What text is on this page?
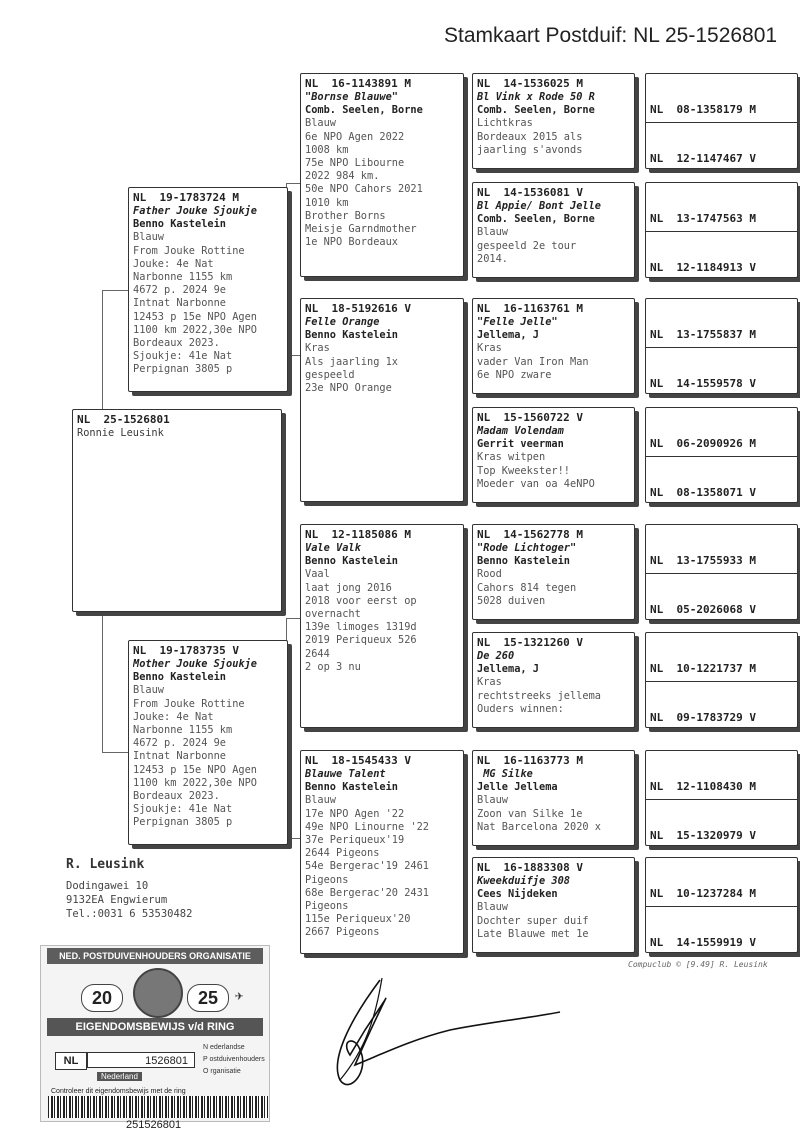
Stamkaart Postduif: NL 25-1526801
NL  25-1526801
Ronnie Leusink
NL  19-1783724 M
Father Jouke Sjoukje
Benno Kastelein
Blauw
From Jouke Rottine
Jouke: 4e Nat
Narbonne 1155 km
4672 p. 2024 9e
Intnat Narbonne
12453 p 15e NPO Agen
1100 km 2022,30e NPO
Bordeaux 2023.
Sjoukje: 41e Nat
Perpignan 3805 p
NL  19-1783735 V
Mother Jouke Sjoukje
Benno Kastelein
Blauw
From Jouke Rottine
Jouke: 4e Nat
Narbonne 1155 km
4672 p. 2024 9e
Intnat Narbonne
12453 p 15e NPO Agen
1100 km 2022,30e NPO
Bordeaux 2023.
Sjoukje: 41e Nat
Perpignan 3805 p
NL  16-1143891 M
"Bornse Blauwe"
Comb. Seelen, Borne
Blauw
6e NPO Agen 2022
1008 km
75e NPO Libourne
2022 984 km.
50e NPO Cahors 2021
1010 km
Brother Borns
Meisje Garndmother
1e NPO Bordeaux
NL  18-5192616 V
Felle Orange
Benno Kastelein
Kras
Als jaarling 1x
gespeeld
23e NPO Orange
NL  12-1185086 M
Vale Valk
Benno Kastelein
Vaal
laat jong 2016
2018 voor eerst op
overnacht
139e limoges 1319d
2019 Periqueux 526
2644
2 op 3 nu
NL  18-1545433 V
Blauwe Talent
Benno Kastelein
Blauw
17e NPO Agen '22
49e NPO Linourne '22
37e Periqueux'19
2644 Pigeons
54e Bergerac'19 2461
Pigeons
68e Bergerac'20 2431
Pigeons
115e Periqueux'20
2667 Pigeons
NL  14-1536025 M
Bl Vink x Rode 50 R
Comb. Seelen, Borne
Lichtkras
Bordeaux 2015 als
jaarling s'avonds
NL  14-1536081 V
Bl Appie/ Bont Jelle
Comb. Seelen, Borne
Blauw
gespeeld 2e tour
2014.
NL  16-1163761 M
"Felle Jelle"
Jellema, J
Kras
vader Van Iron Man
6e NPO zware
NL  15-1560722 V
Madam Volendam
Gerrit veerman
Kras witpen
Top Kweekster!!
Moeder van oa 4eNPO
NL  14-1562778 M
"Rode Lichtoger"
Benno Kastelein
Rood
Cahors 814 tegen
5028 duiven
NL  15-1321260 V
De 260
Jellema, J
Kras
rechtstreeks jellema
Ouders winnen:
NL  16-1163773 M
MG Silke
Jelle Jellema
Blauw
Zoon van Silke 1e
Nat Barcelona 2020 x
NL  16-1883308 V
Kweekduifje 308
Cees Nijdeken
Blauw
Dochter super duif
Late Blauwe met 1e

NL  08-1358179 M

NL  12-1147467 V

NL  13-1747563 M

NL  12-1184913 V

NL  13-1755837 M

NL  14-1559578 V

NL  06-2090926 M

NL  08-1358071 V

NL  13-1755933 M

NL  05-2026068 V

NL  10-1221737 M

NL  09-1783729 V

NL  12-1108430 M

NL  15-1320979 V

NL  10-1237284 M

NL  14-1559919 V

Compuclub © [9.49] R. Leusink
R. Leusink
Dodingawei 10
9132EA Engwierum
Tel.:0031 6 53530482
NED. POSTDUIVENHOUDERS ORGANISATIE
20	25	✈
EIGENDOMSBEWIJS v/d RING
NL	1526801
N ederlandse
P ostduivenhouders
O rganisatie
Nederland
Controleer dit eigendomsbewijs met de ring
251526801
